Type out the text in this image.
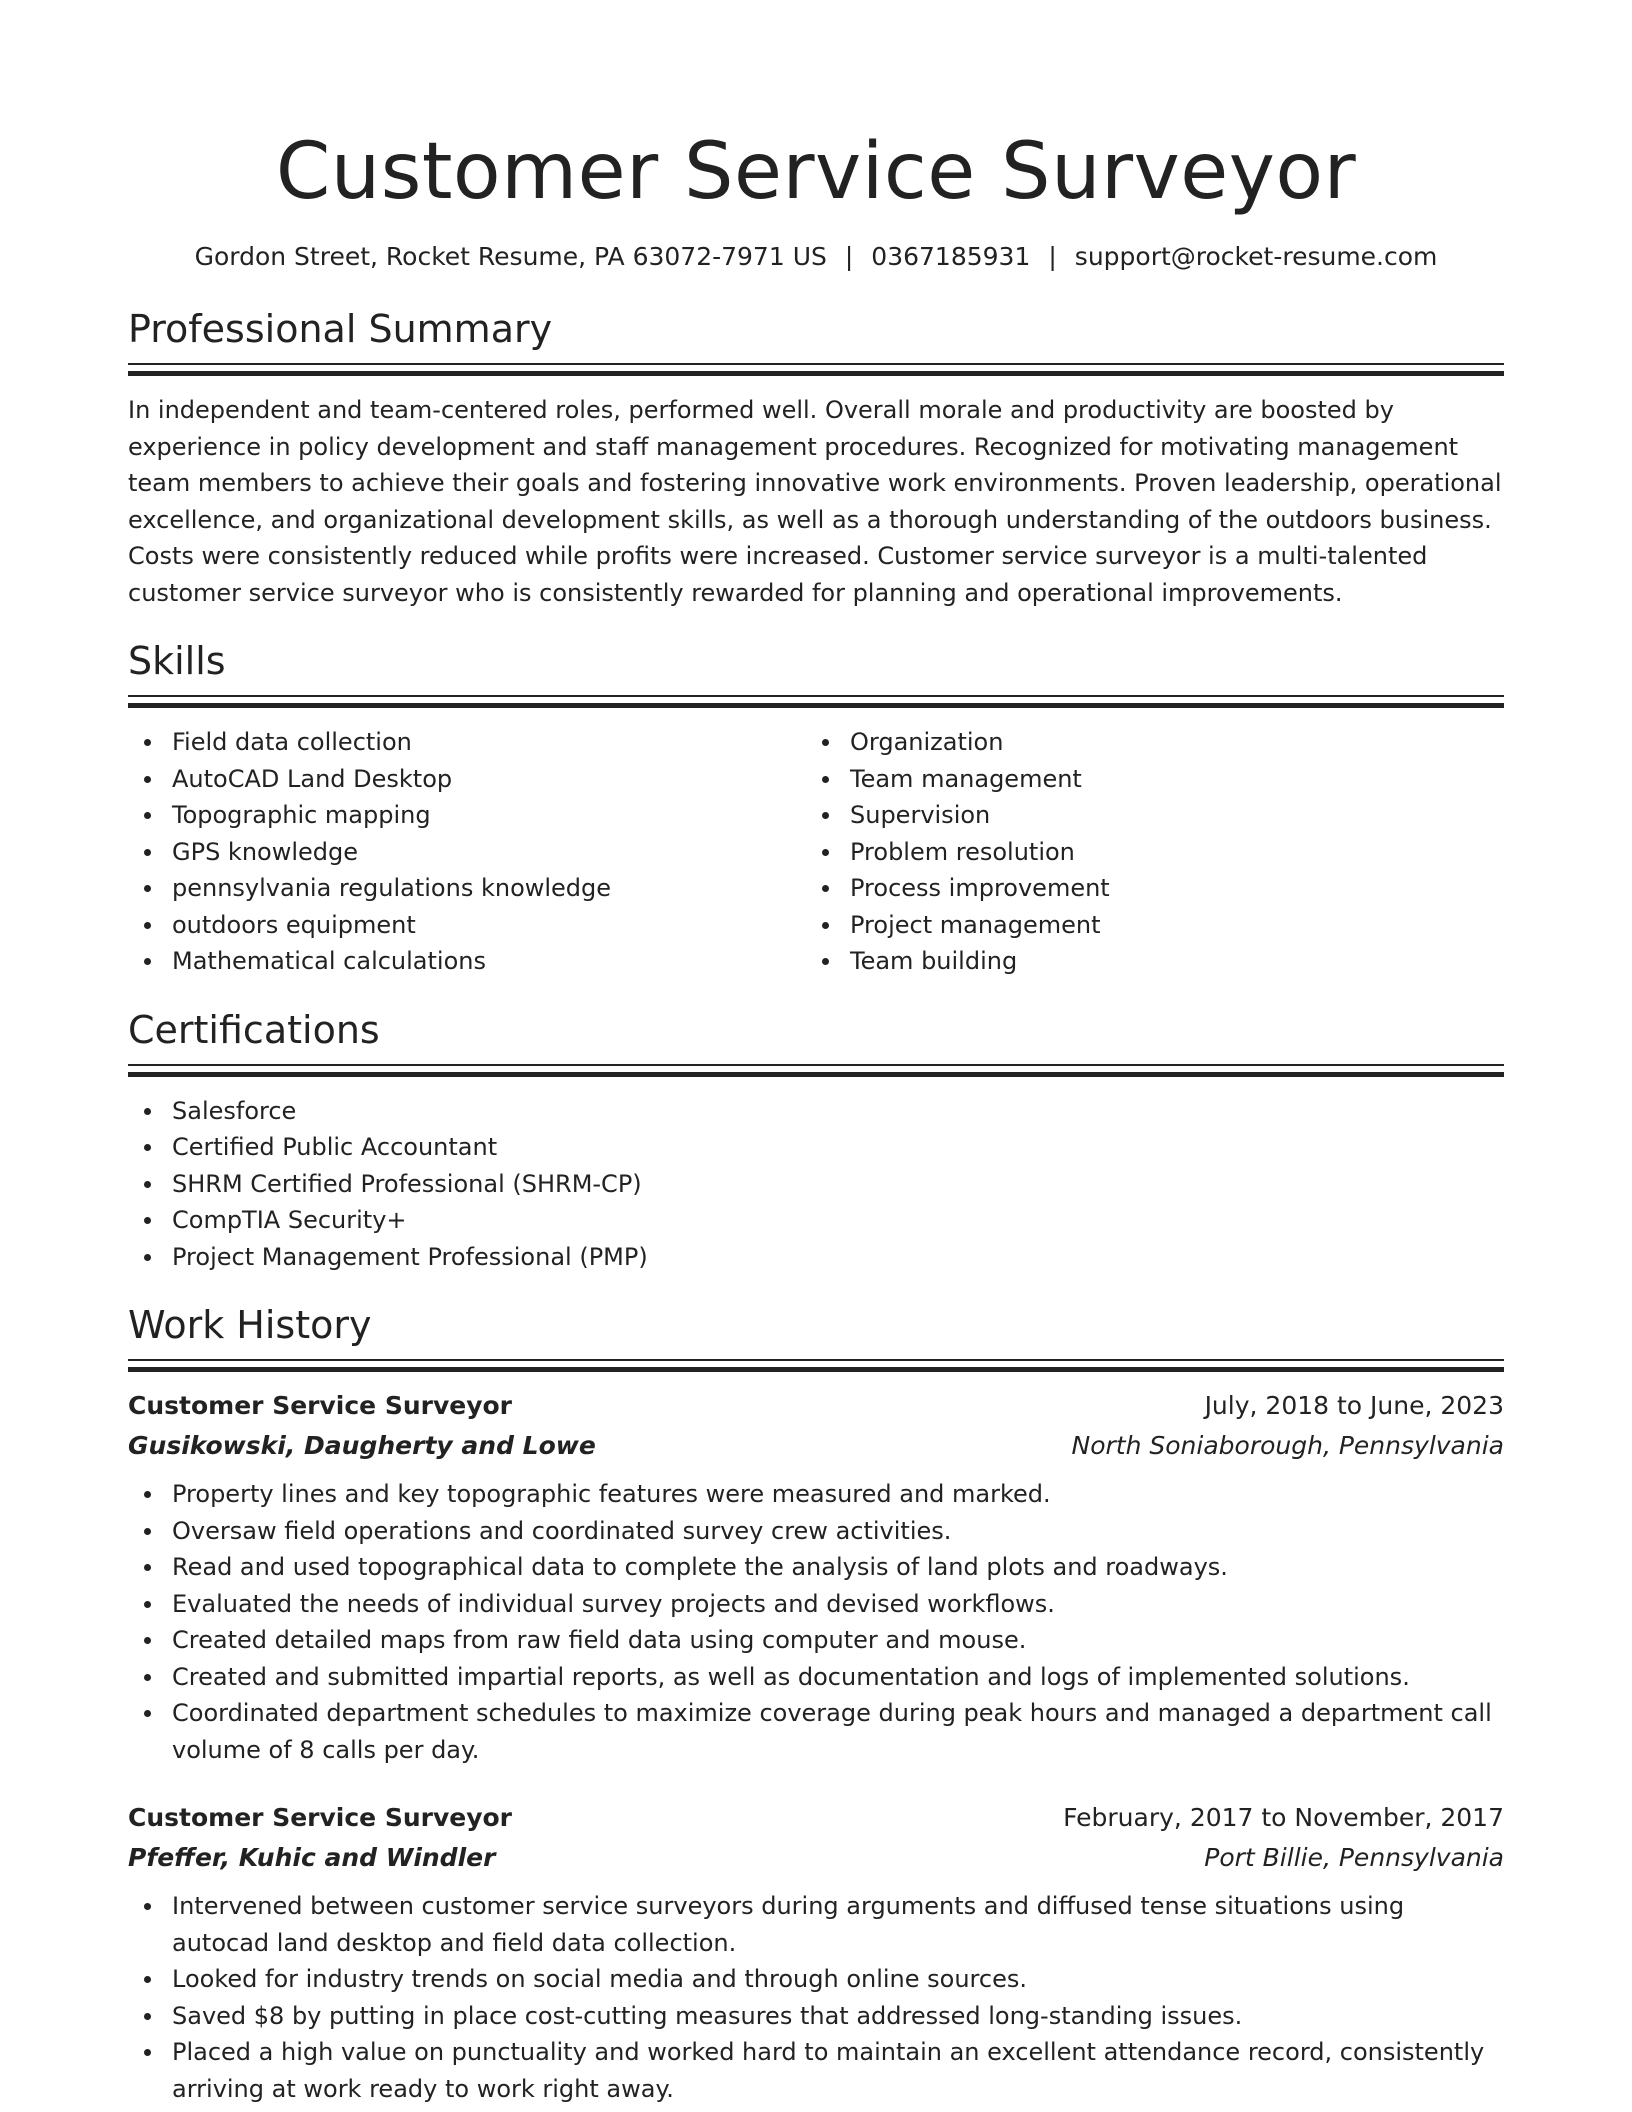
Customer Service Surveyor
Gordon Street, Rocket Resume, PA 63072-7971 US | 0367185931 | support@rocket-resume.com
Professional Summary

In independent and team-centered roles, performed well. Overall morale and productivity are boosted by experience in policy development and staff management procedures. Recognized for motivating management team members to achieve their goals and fostering innovative work environments. Proven leadership, operational excellence, and organizational development skills, as well as a thorough understanding of the outdoors business. Costs were consistently reduced while profits were increased. Customer service surveyor is a multi-talented customer service surveyor who is consistently rewarded for planning and operational improvements.

Skills
Field data collection
AutoCAD Land Desktop
Topographic mapping
GPS knowledge
pennsylvania regulations knowledge
outdoors equipment
Mathematical calculations
Organization
Team management
Supervision
Problem resolution
Process improvement
Project management
Team building
Certifications
Salesforce
Certified Public Accountant
SHRM Certified Professional (SHRM-CP)
CompTIA Security+
Project Management Professional (PMP)
Work History
Customer Service Surveyor	July, 2018 to June, 2023
Gusikowski, Daugherty and Lowe	North Soniaborough, Pennsylvania
Property lines and key topographic features were measured and marked.
Oversaw field operations and coordinated survey crew activities.
Read and used topographical data to complete the analysis of land plots and roadways.
Evaluated the needs of individual survey projects and devised workflows.
Created detailed maps from raw field data using computer and mouse.
Created and submitted impartial reports, as well as documentation and logs of implemented solutions.
Coordinated department schedules to maximize coverage during peak hours and managed a department call volume of 8 calls per day.
Customer Service Surveyor	February, 2017 to November, 2017
Pfeffer, Kuhic and Windler	Port Billie, Pennsylvania
Intervened between customer service surveyors during arguments and diffused tense situations using autocad land desktop and field data collection.
Looked for industry trends on social media and through online sources.
Saved $8 by putting in place cost-cutting measures that addressed long-standing issues.
Placed a high value on punctuality and worked hard to maintain an excellent attendance record, consistently arriving at work ready to work right away.
